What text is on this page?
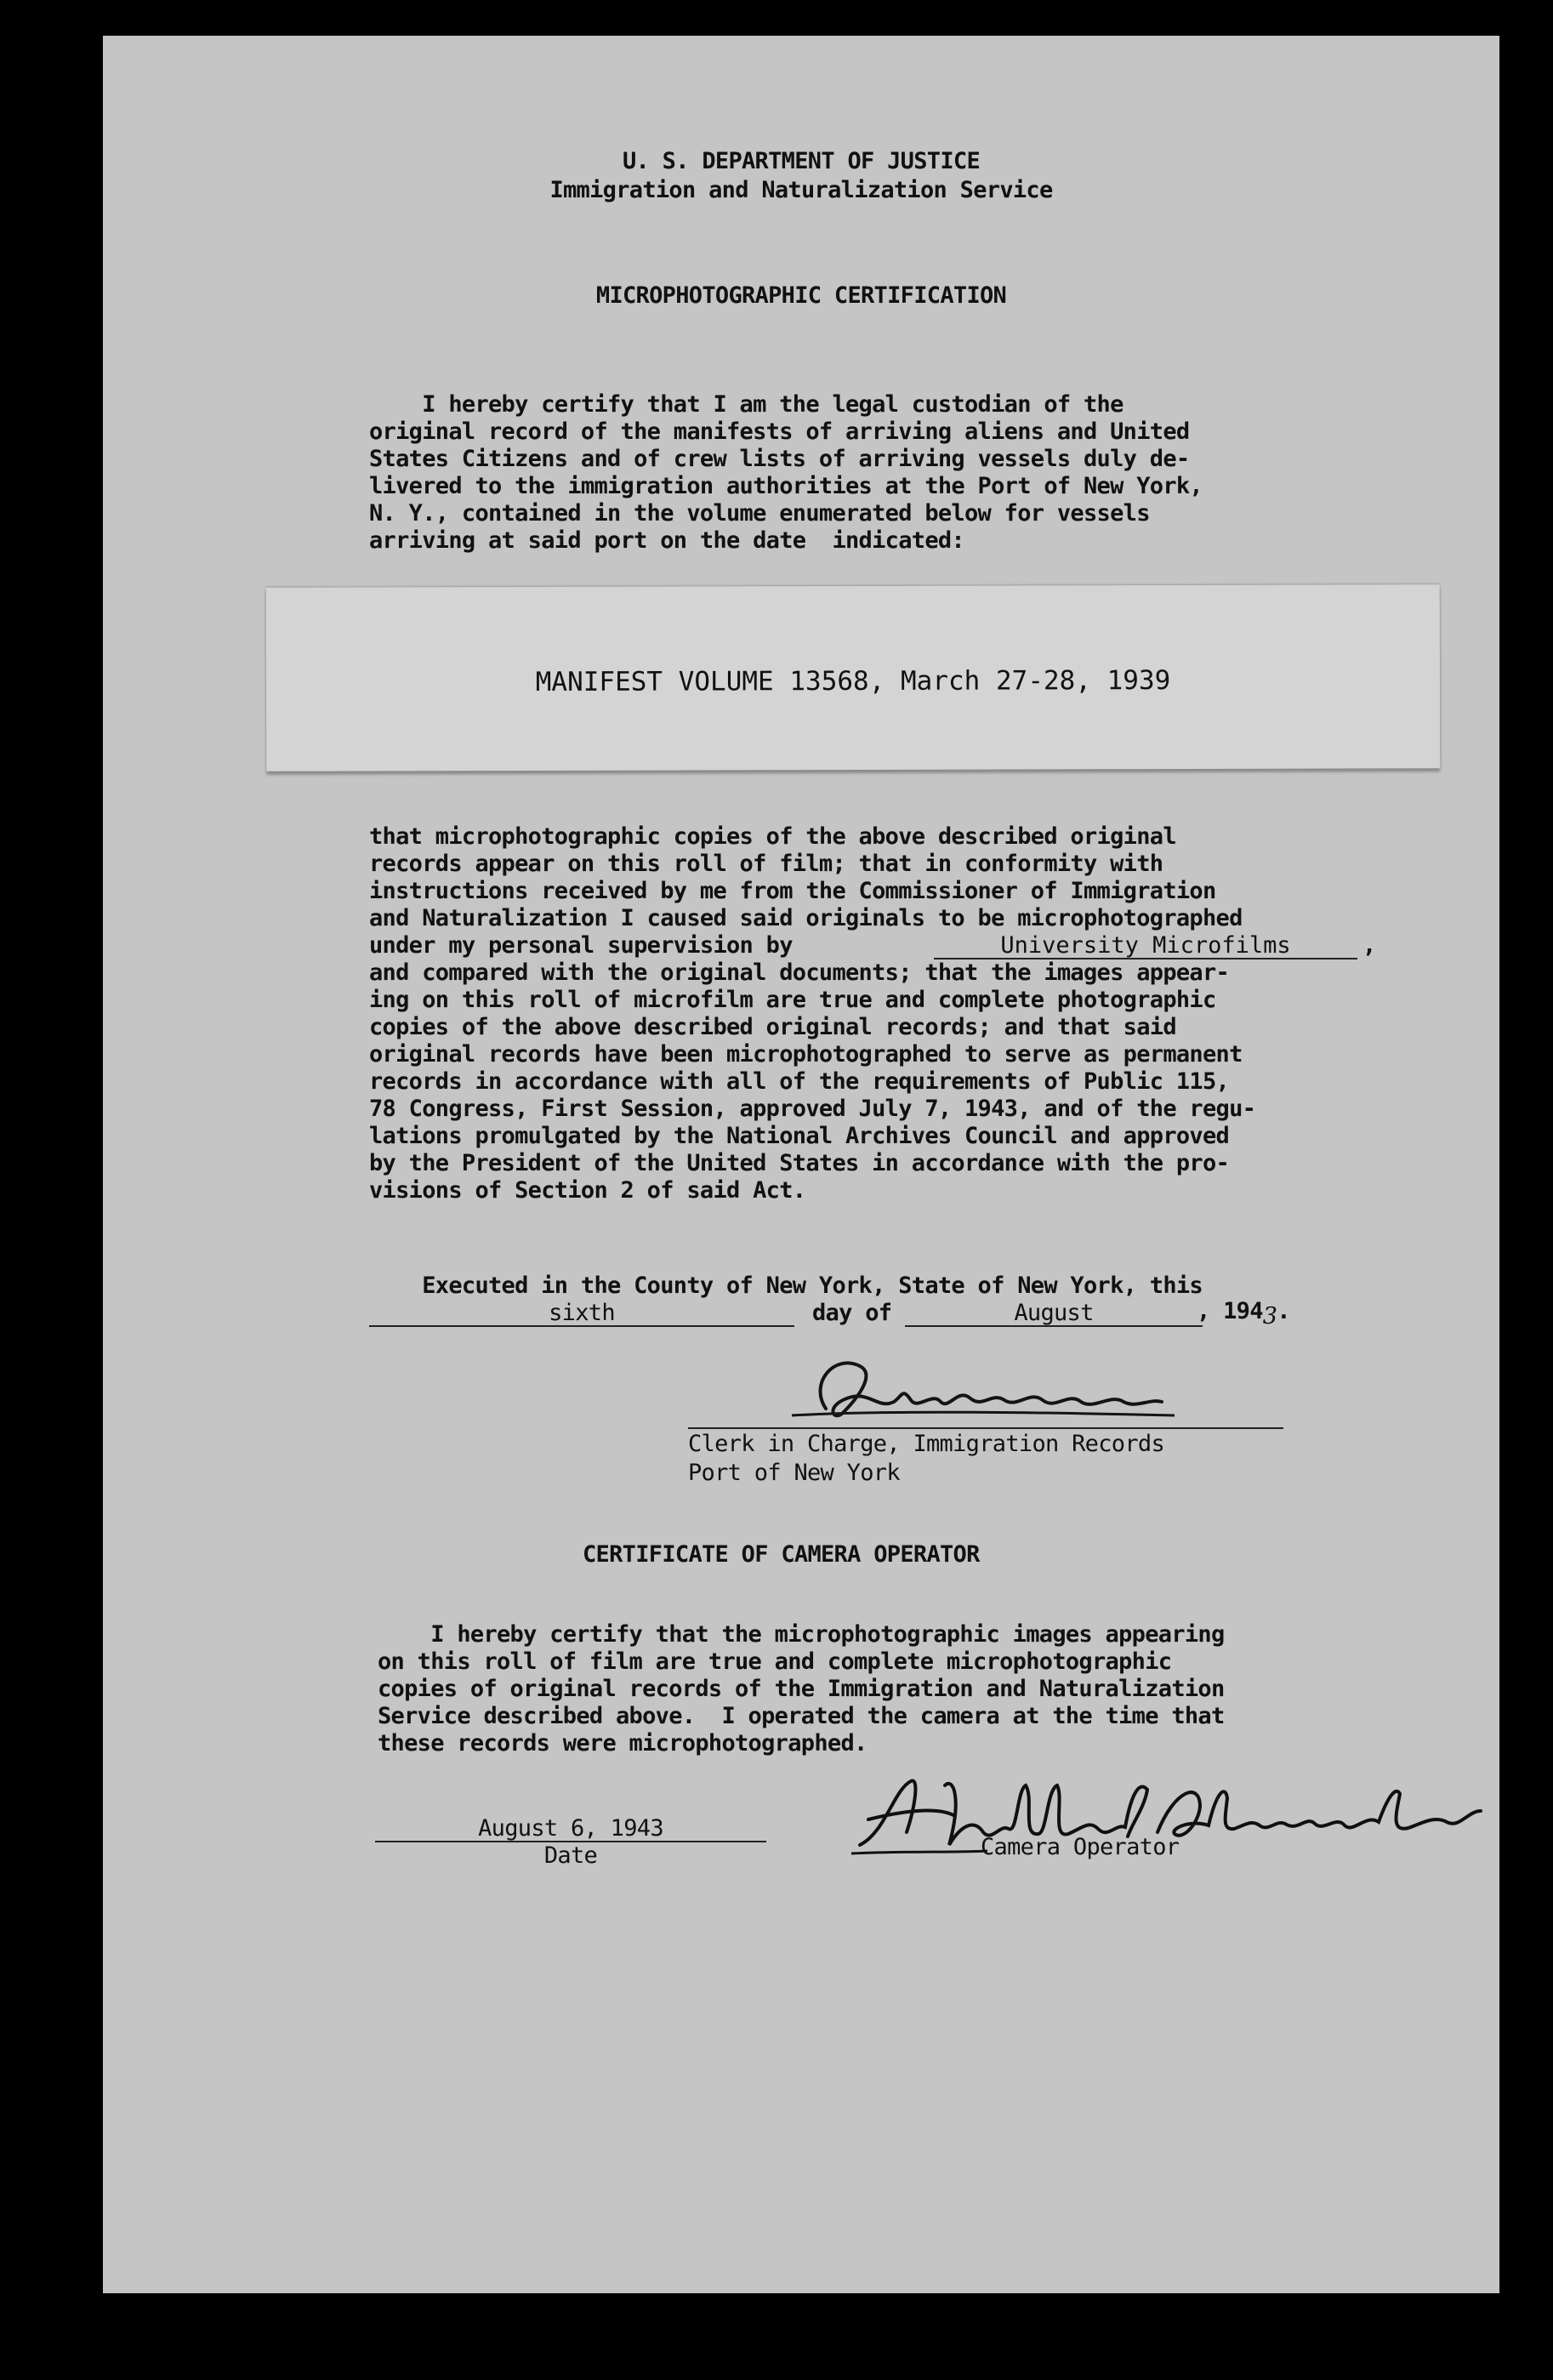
U. S. DEPARTMENT OF JUSTICE
Immigration and Naturalization Service
MICROPHOTOGRAPHIC CERTIFICATION
I hereby certify that I am the legal custodian of the
original record of the manifests of arriving aliens and United
States Citizens and of crew lists of arriving vessels duly de-
livered to the immigration authorities at the Port of New York,
N. Y., contained in the volume enumerated below for vessels
arriving at said port on the date  indicated:
MANIFEST VOLUME 13568, March 27-28, 1939
that microphotographic copies of the above described original
records appear on this roll of film; that in conformity with
instructions received by me from the Commissioner of Immigration
and Naturalization I caused said originals to be microphotographed
under my personal supervision by	University Microfilms	,
and compared with the original documents; that the images appear-
ing on this roll of microfilm are true and complete photographic
copies of the above described original records; and that said
original records have been microphotographed to serve as permanent
records in accordance with all of the requirements of Public 115,
78 Congress, First Session, approved July 7, 1943, and of the regu-
lations promulgated by the National Archives Council and approved
by the President of the United States in accordance with the pro-
visions of Section 2 of said Act.
Executed in the County of New York, State of New York, this
sixth	day of	August	, 1943.
Clerk in Charge, Immigration Records
Port of New York
CERTIFICATE OF CAMERA OPERATOR
I hereby certify that the microphotographic images appearing
on this roll of film are true and complete microphotographic
copies of original records of the Immigration and Naturalization
Service described above.  I operated the camera at the time that
these records were microphotographed.
August 6, 1943
Date	Camera Operator
